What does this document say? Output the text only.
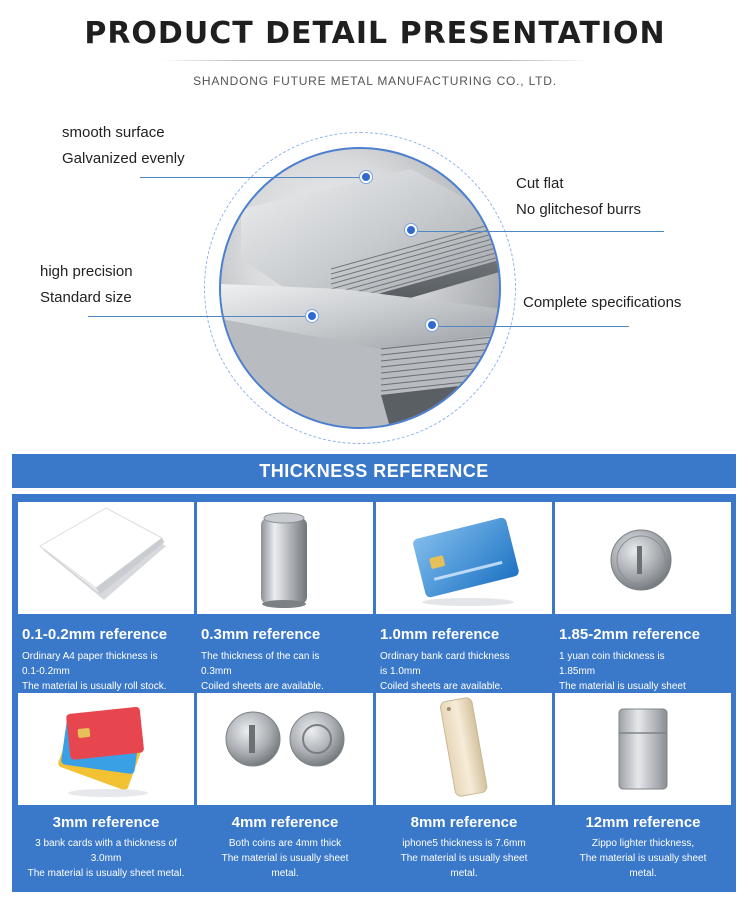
PRODUCT DETAIL PRESENTATION
SHANDONG FUTURE METAL MANUFACTURING CO., LTD.
smooth surface
Galvanized evenly
high precision
Standard size
Cut flat
No glitchesof burrs
Complete specifications
THICKNESS REFERENCE
0.1-0.2mm reference
Ordinary A4 paper thickness is
0.1-0.2mm
The material is usually roll stock.
0.3mm reference
The thickness of the can is
0.3mm
Coiled sheets are available.
1.0mm reference
Ordinary bank card thickness
is 1.0mm
Coiled sheets are available.
1.85-2mm reference
1 yuan coin thickness is
1.85mm
The material is usually sheet
3mm reference
3 bank cards with a thickness of
3.0mm
The material is usually sheet metal.
4mm reference
Both coins are 4mm thick
The material is usually sheet
metal.
8mm reference
iphone5 thickness is 7.6mm
The material is usually sheet
metal.
12mm reference
Zippo lighter thickness,
The material is usually sheet
metal.
